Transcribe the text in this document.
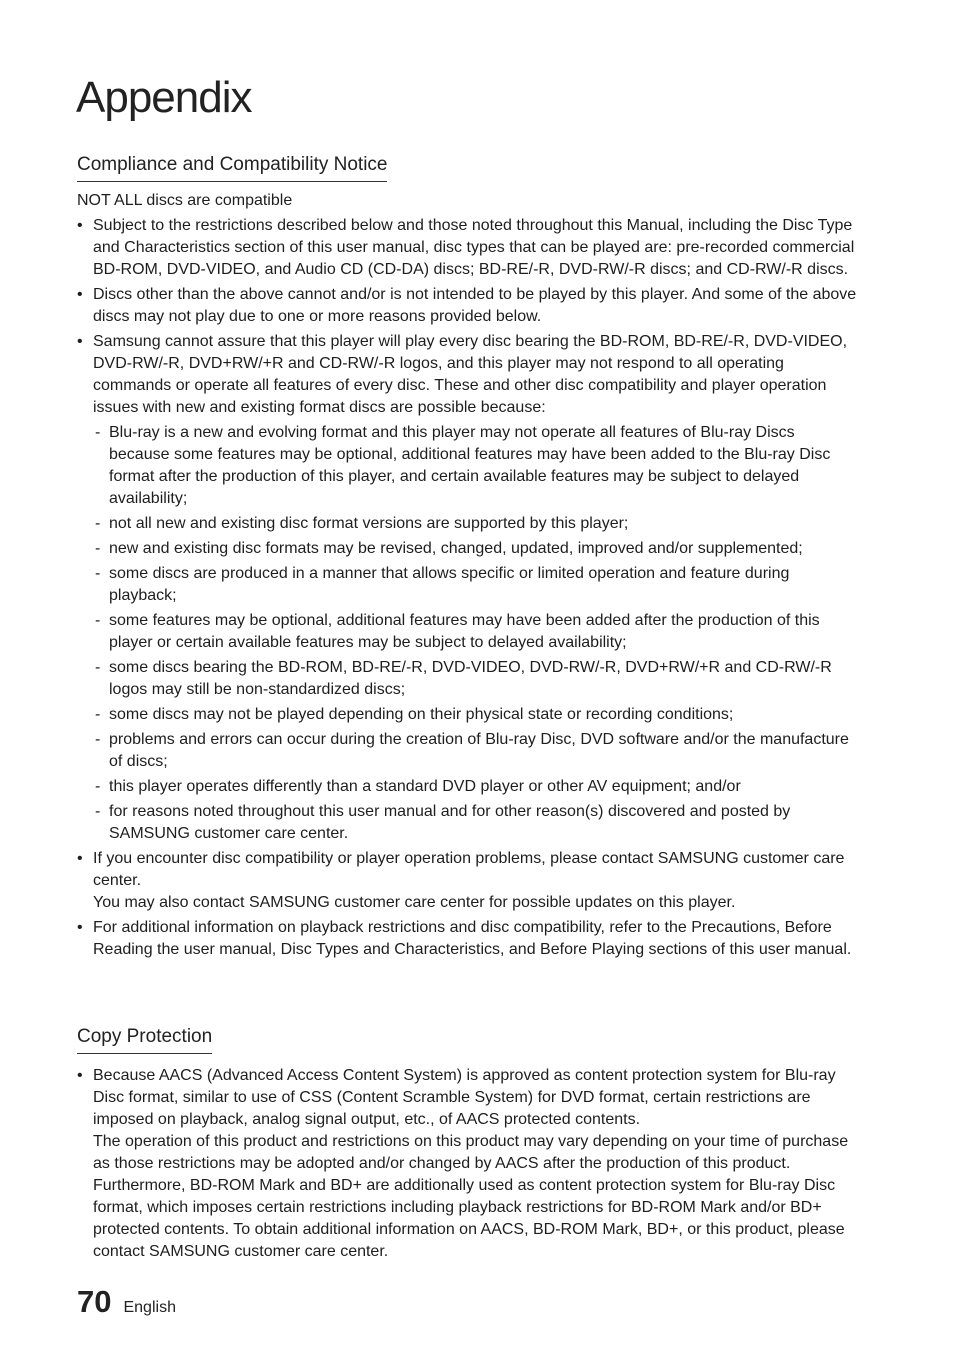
Appendix
Compliance and Compatibility Notice

NOT ALL discs are compatible

• Subject to the restrictions described below and those noted throughout this Manual, including the Disc Type and Characteristics section of this user manual, disc types that can be played are: pre-recorded commercial BD-ROM, DVD-VIDEO, and Audio CD (CD-DA) discs; BD-RE/-R, DVD-RW/-R discs; and CD-RW/-R discs.
• Discs other than the above cannot and/or is not intended to be played by this player. And some of the above discs may not play due to one or more reasons provided below.
• Samsung cannot assure that this player will play every disc bearing the BD-ROM, BD-RE/-R, DVD-VIDEO, DVD-RW/-R, DVD+RW/+R and CD-RW/-R logos, and this player may not respond to all operating commands or operate all features of every disc. These and other disc compatibility and player operation issues with new and existing format discs are possible because:
- Blu-ray is a new and evolving format and this player may not operate all features of Blu-ray Discs because some features may be optional, additional features may have been added to the Blu-ray Disc format after the production of this player, and certain available features may be subject to delayed availability;
- not all new and existing disc format versions are supported by this player;
- new and existing disc formats may be revised, changed, updated, improved and/or supplemented;
- some discs are produced in a manner that allows specific or limited operation and feature during playback;
- some features may be optional, additional features may have been added after the production of this player or certain available features may be subject to delayed availability;
- some discs bearing the BD-ROM, BD-RE/-R, DVD-VIDEO, DVD-RW/-R, DVD+RW/+R and CD-RW/-R logos may still be non-standardized discs;
- some discs may not be played depending on their physical state or recording conditions;
- problems and errors can occur during the creation of Blu-ray Disc, DVD software and/or the manufacture of discs;
- this player operates differently than a standard DVD player or other AV equipment; and/or
- for reasons noted throughout this user manual and for other reason(s) discovered and posted by SAMSUNG customer care center.
• If you encounter disc compatibility or player operation problems, please contact SAMSUNG customer care center.
You may also contact SAMSUNG customer care center for possible updates on this player.
• For additional information on playback restrictions and disc compatibility, refer to the Precautions, Before Reading the user manual, Disc Types and Characteristics, and Before Playing sections of this user manual.
Copy Protection
• Because AACS (Advanced Access Content System) is approved as content protection system for Blu-ray Disc format, similar to use of CSS (Content Scramble System) for DVD format, certain restrictions are imposed on playback, analog signal output, etc., of AACS protected contents.
The operation of this product and restrictions on this product may vary depending on your time of purchase as those restrictions may be adopted and/or changed by AACS after the production of this product. Furthermore, BD-ROM Mark and BD+ are additionally used as content protection system for Blu-ray Disc format, which imposes certain restrictions including playback restrictions for BD-ROM Mark and/or BD+ protected contents. To obtain additional information on AACS, BD-ROM Mark, BD+, or this product, please contact SAMSUNG customer care center.
70 English
